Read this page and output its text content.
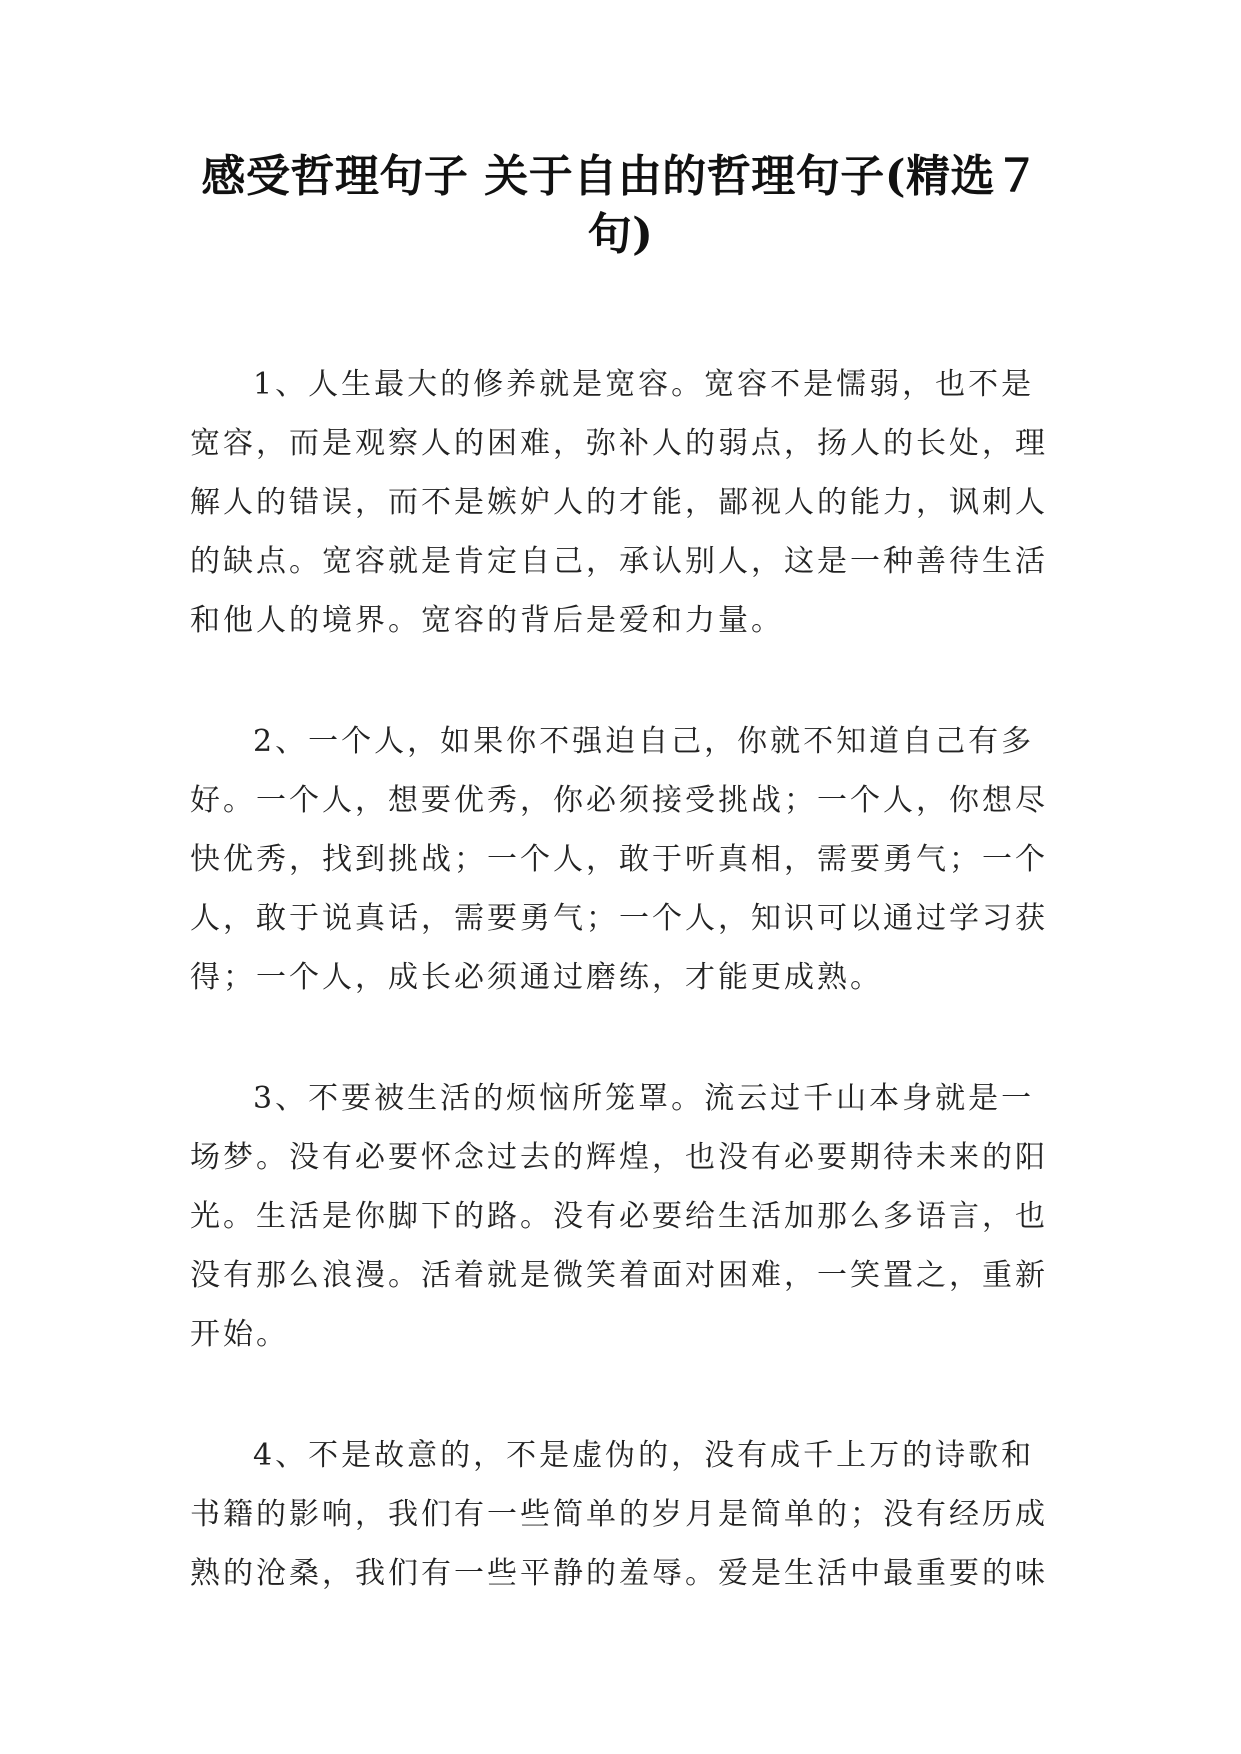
感受哲理句子 关于自由的哲理句子(精选７
句)

1、人生最大的修养就是宽容。宽容不是懦弱，也不是
宽容，而是观察人的困难，弥补人的弱点，扬人的长处，理
解人的错误，而不是嫉妒人的才能，鄙视人的能力，讽刺人
的缺点。宽容就是肯定自己，承认别人，这是一种善待生活
和他人的境界。宽容的背后是爱和力量。

2、一个人，如果你不强迫自己，你就不知道自己有多
好。一个人，想要优秀，你必须接受挑战；一个人，你想尽
快优秀，找到挑战；一个人，敢于听真相，需要勇气；一个
人，敢于说真话，需要勇气；一个人，知识可以通过学习获
得；一个人，成长必须通过磨练，才能更成熟。

3、不要被生活的烦恼所笼罩。流云过千山本身就是一
场梦。没有必要怀念过去的辉煌，也没有必要期待未来的阳
光。生活是你脚下的路。没有必要给生活加那么多语言，也
没有那么浪漫。活着就是微笑着面对困难，一笑置之，重新
开始。

4、不是故意的，不是虚伪的，没有成千上万的诗歌和
书籍的影响，我们有一些简单的岁月是简单的；没有经历成
熟的沧桑，我们有一些平静的羞辱。爱是生活中最重要的味
